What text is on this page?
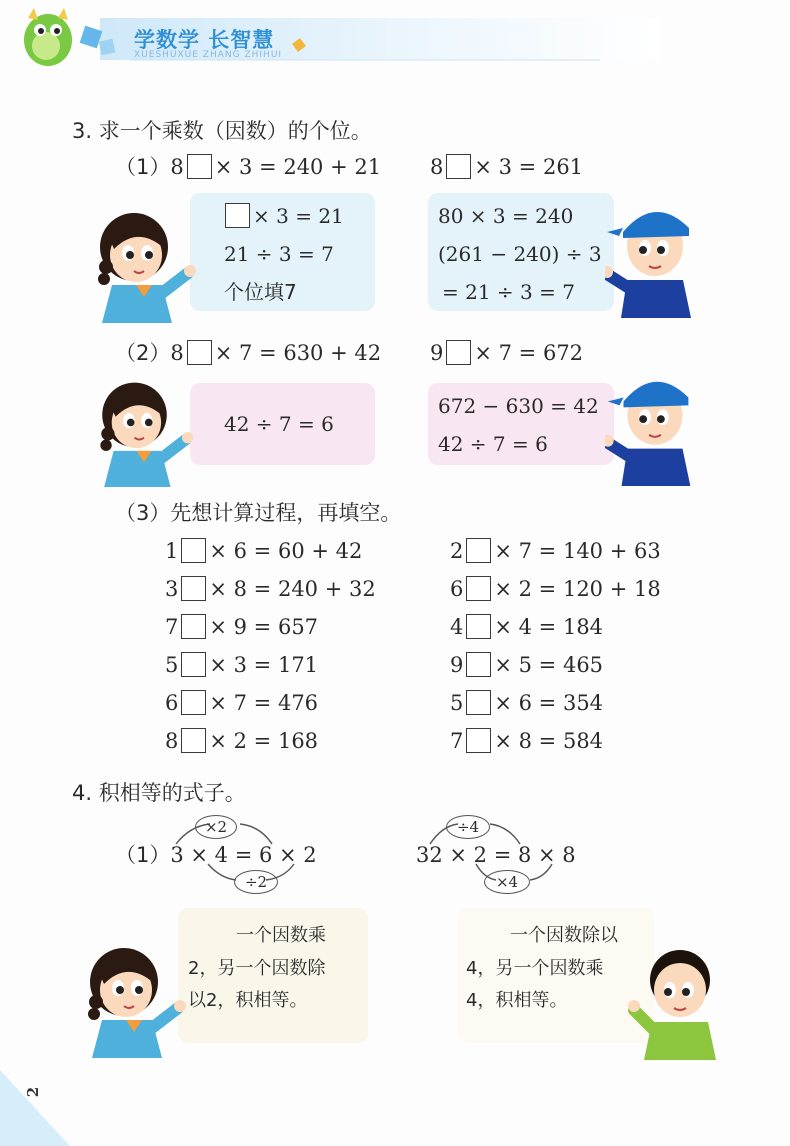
学数学 长智慧
XUESHUXUE ZHANG ZHIHUI
3. 求一个乘数（因数）的个位。
（1）8 × 3 = 240 + 21 8 × 3 = 261
× 3 = 21
21 ÷ 3 = 7
个位填7
80 × 3 = 240
(261 − 240) ÷ 3
= 21 ÷ 3 = 7
（2）8 × 7 = 630 + 42 9 × 7 = 672
42 ÷ 7 = 6
672 − 630 = 42
42 ÷ 7 = 6
（3）先想计算过程，再填空。
1 × 6 = 60 + 42
3 × 8 = 240 + 32
7 × 9 = 657
5 × 3 = 171
6 × 7 = 476
8 × 2 = 168
2 × 7 = 140 + 63
6 × 2 = 120 + 18
4 × 4 = 184
9 × 5 = 465
5 × 6 = 354
7 × 8 = 584
4. 积相等的式子。
×2
÷2
（1）3 × 4 = 6 × 2
÷4
×4
32 × 2 = 8 × 8
一个因数乘
2，另一个因数除
以2，积相等。
一个因数除以
4，另一个因数乘
4，积相等。
2
